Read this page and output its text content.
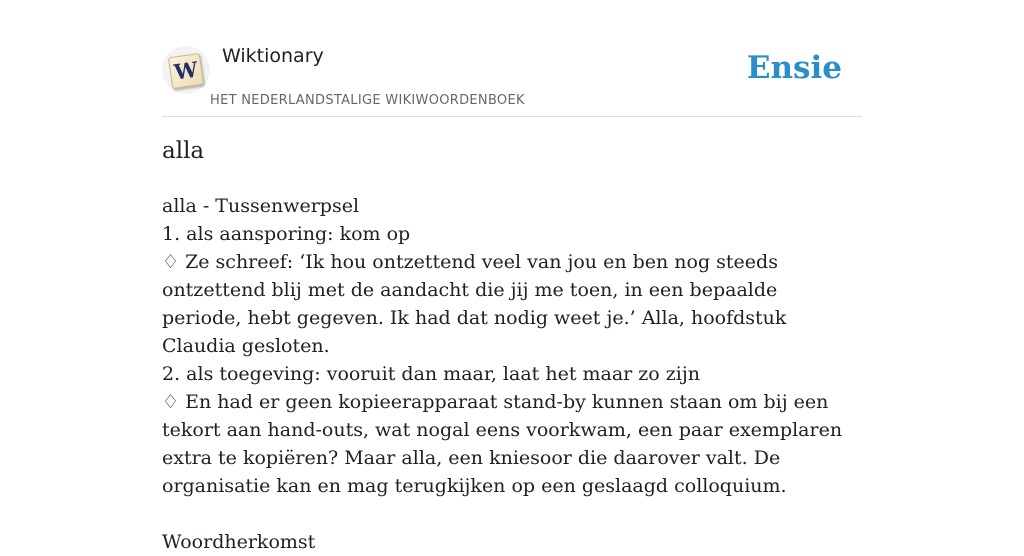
W
Wiktionary
HET NEDERLANDSTALIGE WIKIWOORDENBOEK
Ensie
alla

alla - Tussenwerpsel

1. als aansporing: kom op

♢ Ze schreef: ‘Ik hou ontzettend veel van jou en ben nog steeds ontzettend blij met de aandacht die jij me toen, in een bepaalde periode, hebt gegeven. Ik had dat nodig weet je.’ Alla, hoofdstuk Claudia gesloten.

2. als toegeving: vooruit dan maar, laat het maar zo zijn

♢ En had er geen kopieerapparaat stand-by kunnen staan om bij een tekort aan hand-outs, wat nogal eens voorkwam, een paar exemplaren extra te kopiëren? Maar alla, een kniesoor die daarover valt. De organisatie kan en mag terugkijken op een geslaagd colloquium.

Woordherkomst
